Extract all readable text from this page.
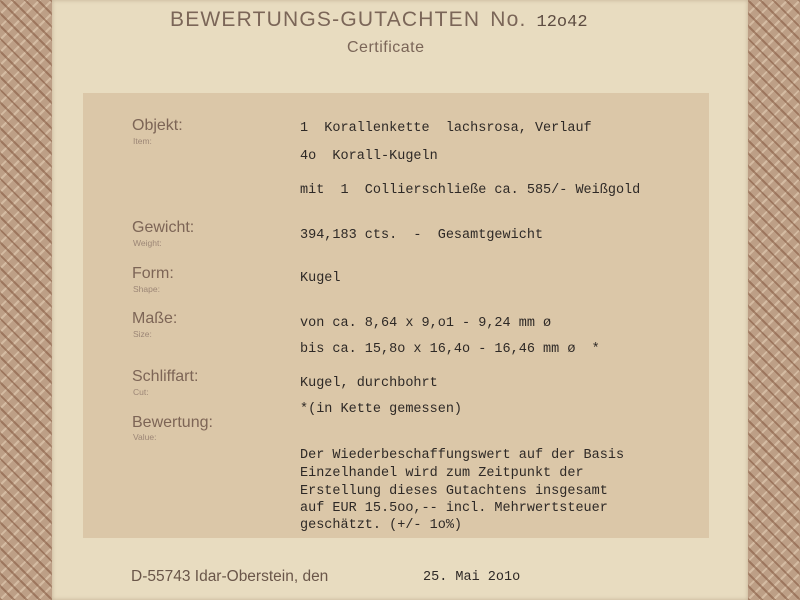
BEWERTUNGS-GUTACHTEN No. 12o42
Certificate
Objekt:
Item:
1  Korallenkette  lachsrosa, Verlauf
4o  Korall-Kugeln
mit  1  Collierschließe ca. 585/- Weißgold
Gewicht:
Weight:	394,183 cts.  -  Gesamtgewicht
Form:
Shape:
Kugel
Maße:
Size:
von ca. 8,64 x 9,o1 - 9,24 mm ø
bis ca. 15,8o x 16,4o - 16,46 mm ø  *
Schliffart:
Cut:
Kugel, durchbohrt
*(in Kette gemessen)
Bewertung:
Value:
Der Wiederbeschaffungswert auf der Basis
Einzelhandel wird zum Zeitpunkt der
Erstellung dieses Gutachtens insgesamt
auf EUR 15.5oo,-- incl. Mehrwertsteuer
geschätzt. (+/- 1o%)
D-55743 Idar-Oberstein, den	25. Mai 2o1o
